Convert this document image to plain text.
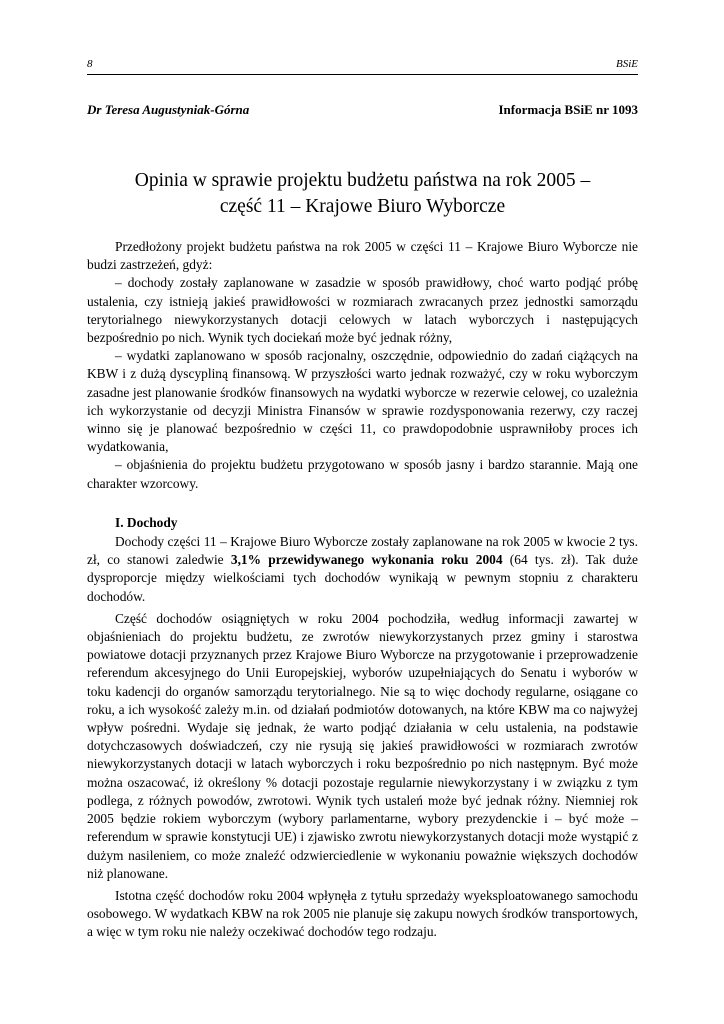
8	BSiE
Dr Teresa Augustyniak-Górna	Informacja BSiE nr 1093
Opinia w sprawie projektu budżetu państwa na rok 2005 –
część 11 – Krajowe Biuro Wyborcze

Przedłożony projekt budżetu państwa na rok 2005 w części 11 – Krajowe Biuro Wyborcze nie budzi zastrzeżeń, gdyż:

– dochody zostały zaplanowane w zasadzie w sposób prawidłowy, choć warto podjąć próbę ustalenia, czy istnieją jakieś prawidłowości w rozmiarach zwracanych przez jednostki samorządu terytorialnego niewykorzystanych dotacji celowych w latach wyborczych i następujących bezpośrednio po nich. Wynik tych dociekań może być jednak różny,

– wydatki zaplanowano w sposób racjonalny, oszczędnie, odpowiednio do zadań ciążących na KBW i z dużą dyscypliną finansową. W przyszłości warto jednak rozważyć, czy w roku wyborczym zasadne jest planowanie środków finansowych na wydatki wyborcze w rezerwie celowej, co uzależnia ich wykorzystanie od decyzji Ministra Finansów w sprawie rozdysponowania rezerwy, czy raczej winno się je planować bezpośrednio w części 11, co prawdopodobnie usprawniłoby proces ich wydatkowania,

– objaśnienia do projektu budżetu przygotowano w sposób jasny i bardzo starannie. Mają one charakter wzorcowy.

I. Dochody

Dochody części 11 – Krajowe Biuro Wyborcze zostały zaplanowane na rok 2005 w kwocie 2 tys. zł, co stanowi zaledwie 3,1% przewidywanego wykonania roku 2004 (64 tys. zł). Tak duże dysproporcje między wielkościami tych dochodów wynikają w pewnym stopniu z charakteru dochodów.

Część dochodów osiągniętych w roku 2004 pochodziła, według informacji zawartej w objaśnieniach do projektu budżetu, ze zwrotów niewykorzystanych przez gminy i starostwa powiatowe dotacji przyznanych przez Krajowe Biuro Wyborcze na przygotowanie i przeprowadzenie referendum akcesyjnego do Unii Europejskiej, wyborów uzupełniających do Senatu i wyborów w toku kadencji do organów samorządu terytorialnego. Nie są to więc dochody regularne, osiągane co roku, a ich wysokość zależy m.in. od działań podmiotów dotowanych, na które KBW ma co najwyżej wpływ pośredni. Wydaje się jednak, że warto podjąć działania w celu ustalenia, na podstawie dotychczasowych doświadczeń, czy nie rysują się jakieś prawidłowości w rozmiarach zwrotów niewykorzystanych dotacji w latach wyborczych i roku bezpośrednio po nich następnym. Być może można oszacować, iż określony % dotacji pozostaje regularnie niewykorzystany i w związku z tym podlega, z różnych powodów, zwrotowi. Wynik tych ustaleń może być jednak różny. Niemniej rok 2005 będzie rokiem wyborczym (wybory parlamentarne, wybory prezydenckie i – być może – referendum w sprawie konstytucji UE) i zjawisko zwrotu niewykorzystanych dotacji może wystąpić z dużym nasileniem, co może znaleźć odzwierciedlenie w wykonaniu poważnie większych dochodów niż planowane.

Istotna część dochodów roku 2004 wpłynęła z tytułu sprzedaży wyeksploatowanego samochodu osobowego. W wydatkach KBW na rok 2005 nie planuje się zakupu nowych środków transportowych, a więc w tym roku nie należy oczekiwać dochodów tego rodzaju.
